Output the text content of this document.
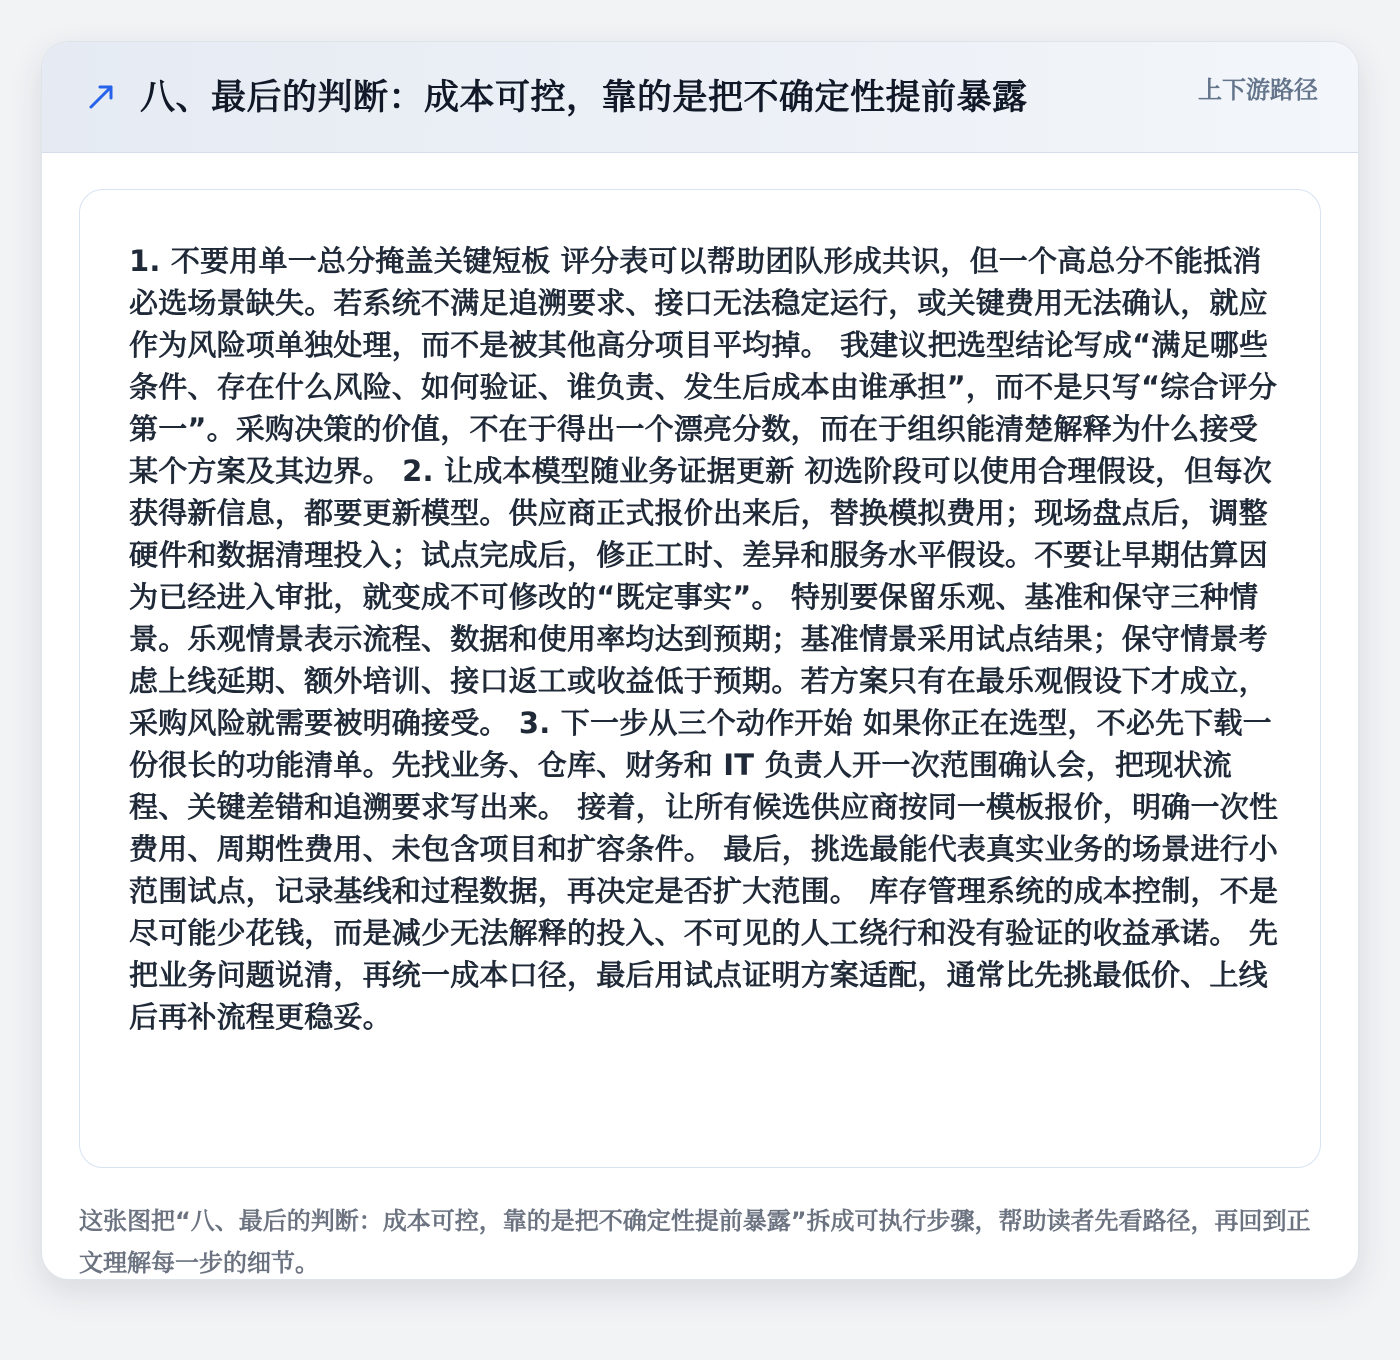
八、最后的判断：成本可控，靠的是把不确定性提前暴露	上下游路径

1. 不要用单一总分掩盖关键短板 评分表可以帮助团队形成共识，但一个高总分不能抵消必选场景缺失。若系统不满足追溯要求、接口无法稳定运行，或关键费用无法确认，就应作为风险项单独处理，而不是被其他高分项目平均掉。 我建议把选型结论写成“满足哪些条件、存在什么风险、如何验证、谁负责、发生后成本由谁承担”，而不是只写“综合评分第一”。采购决策的价值，不在于得出一个漂亮分数，而在于组织能清楚解释为什么接受某个方案及其边界。 2. 让成本模型随业务证据更新 初选阶段可以使用合理假设，但每次获得新信息，都要更新模型。供应商正式报价出来后，替换模拟费用；现场盘点后，调整硬件和数据清理投入；试点完成后，修正工时、差异和服务水平假设。不要让早期估算因为已经进入审批，就变成不可修改的“既定事实”。 特别要保留乐观、基准和保守三种情景。乐观情景表示流程、数据和使用率均达到预期；基准情景采用试点结果；保守情景考虑上线延期、额外培训、接口返工或收益低于预期。若方案只有在最乐观假设下才成立，采购风险就需要被明确接受。 3. 下一步从三个动作开始 如果你正在选型，不必先下载一份很长的功能清单。先找业务、仓库、财务和 IT 负责人开一次范围确认会，把现状流程、关键差错和追溯要求写出来。 接着，让所有候选供应商按同一模板报价，明确一次性费用、周期性费用、未包含项目和扩容条件。 最后，挑选最能代表真实业务的场景进行小范围试点，记录基线和过程数据，再决定是否扩大范围。 库存管理系统的成本控制，不是尽可能少花钱，而是减少无法解释的投入、不可见的人工绕行和没有验证的收益承诺。 先把业务问题说清，再统一成本口径，最后用试点证明方案适配，通常比先挑最低价、上线后再补流程更稳妥。

这张图把“八、最后的判断：成本可控，靠的是把不确定性提前暴露”拆成可执行步骤，帮助读者先看路径，再回到正文理解每一步的细节。
